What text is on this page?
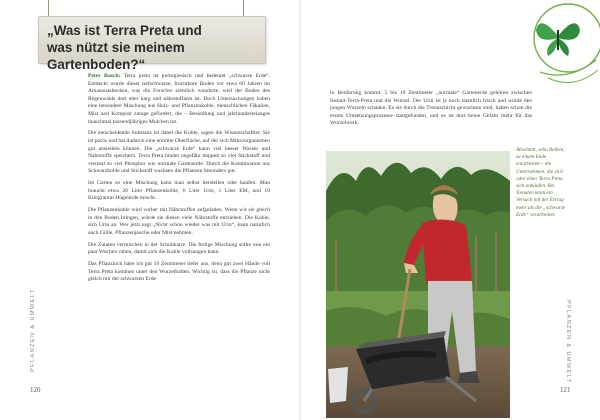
„Was ist Terra Preta und
was nützt sie meinem Gartenboden?“

Peter Rasch: Terra preta ist portugiesisch und bedeutet „schwarze Erde“. Entdeckt wurde dieser tiefschwarze, fruchtbare Boden vor etwa 60 Jahren im Amazonasbecken, was die Forscher ziemlich wunderte, weil der Boden des Regenwalds dort eher karg und nährstoffarm ist. Doch Untersuchungen haben eine besondere Mischung aus Holz- und Pflanzenkohle, menschlichen Fäkalien, Mist und Kompost zutage gefördert, die – Besiedlung und jahrhundertelanges manchmal tausendjähriges Mulchen tut.

Die entscheidende Substanz ist dabei die Kohle, sagen die Wissenschaftler. Sie ist porös und hat dadurch eine enorme Oberfläche, auf der sich Mikroorganismen gut ansiedeln können. Die „schwarze Erde“ kann viel besser Wasser und Nährstoffe speichern. Terra Preta bindet ungefähr doppelt so viel Stickstoff und viermal so viel Phosphor wie normale Gartenerde. Durch die Kombination aus Schwarzkohle und Stickstoff wachsen die Pflanzen besonders gut.

Im Garten so eine Mischung kann man selbst herstellen oder kaufen: Man braucht etwa 20 Liter Pflanzenkohle, 6 Liter Urin, 1 Liter EM, und 10 Kilogramm Hügelerde mischt.

Die Pflanzenkohle wird vorher mit Nährstoffen aufgeladen. Wenn wir sie gleich in den Boden bringen, würde sie diesen viele Nährstoffe entziehen. Die Kohle, sich Urin an. Wer jetzt sagt „Nicht schon wieder was mit Urin“, kann natürlich auch Gülle, Pflanzenjauche oder Mist nehmen.

Die Zutaten vermischen in der Schubkarre. Die fertige Mischung sollte nun ein paar Wochen ruhen, damit sich die Kohle vollsaugen kann.

Das Pflanzloch habe ich gut 10 Zentimeter tiefer aus, denn gut zwei Hände voll Terra Preta kommen unter den Wurzelballen. Wichtig ist, dass die Pflanze nicht gleich mit der schwarzen Erde

PFLANZEN & UMWELT
120

in Berührung kommt. 5 bis 10 Zentimeter „normale“ Gartenerde gehören zwischen Instant-Terra-Preta und die Wurzel. Der Urin ist ja noch ziemlich frisch und würde den jungen Wurzeln schaden. Es sie durch die Trennschicht gewachsen sind, haben schon die ersten Umsetzungsprozesse stattgefunden, und es ist dort keine Gefahr mehr für das Wurzelwerk.

Abschnitt, zehn Reihen, zu einem Ende einarbeiten – die Unternehmen, die sich oder einer Terra Preta sich anhäufen. Bei Tomaten kann ein Versuch mit der Ertrag mehr als die „schwarze Erde“ verarbeiten.
PFLANZEN & UMWELT
121
